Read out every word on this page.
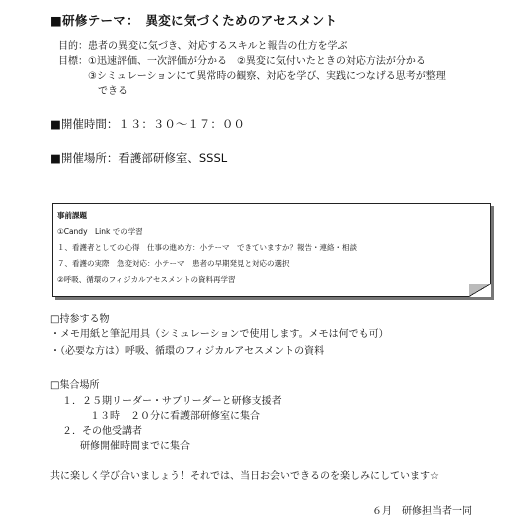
■研修テーマ：　異変に気づくためのアセスメント
目的：患者の異変に気づき、対応するスキルと報告の仕方を学ぶ
目標：①迅速評価、一次評価が分かる　②異変に気付いたときの対応方法が分かる
③シミュレーションにて異常時の観察、対応を学び、実践につなげる思考が整理
できる
■開催時間：１３：３０〜１７：００
■開催場所：看護部研修室、SSSL
事前課題
①Candy　Link での学習
１、看護者としての心得　仕事の進め方：小テーマ　できていますか？報告・連絡・相談
７、看護の実際　急変対応：小テーマ　患者の早期発見と対応の選択
②呼吸、循環のフィジカルアセスメントの資料再学習
□持参する物
・メモ用紙と筆記用具（シミュレーションで使用します。メモは何でも可）
・（必要な方は）呼吸、循環のフィジカルアセスメントの資料
□集合場所
１．２５期リーダー・サブリーダーと研修支援者
１３時　２０分に看護部研修室に集合
２．その他受講者
研修開催時間までに集合
共に楽しく学び合いましょう！それでは、当日お会いできるのを楽しみにしています☆
６月　研修担当者一同
